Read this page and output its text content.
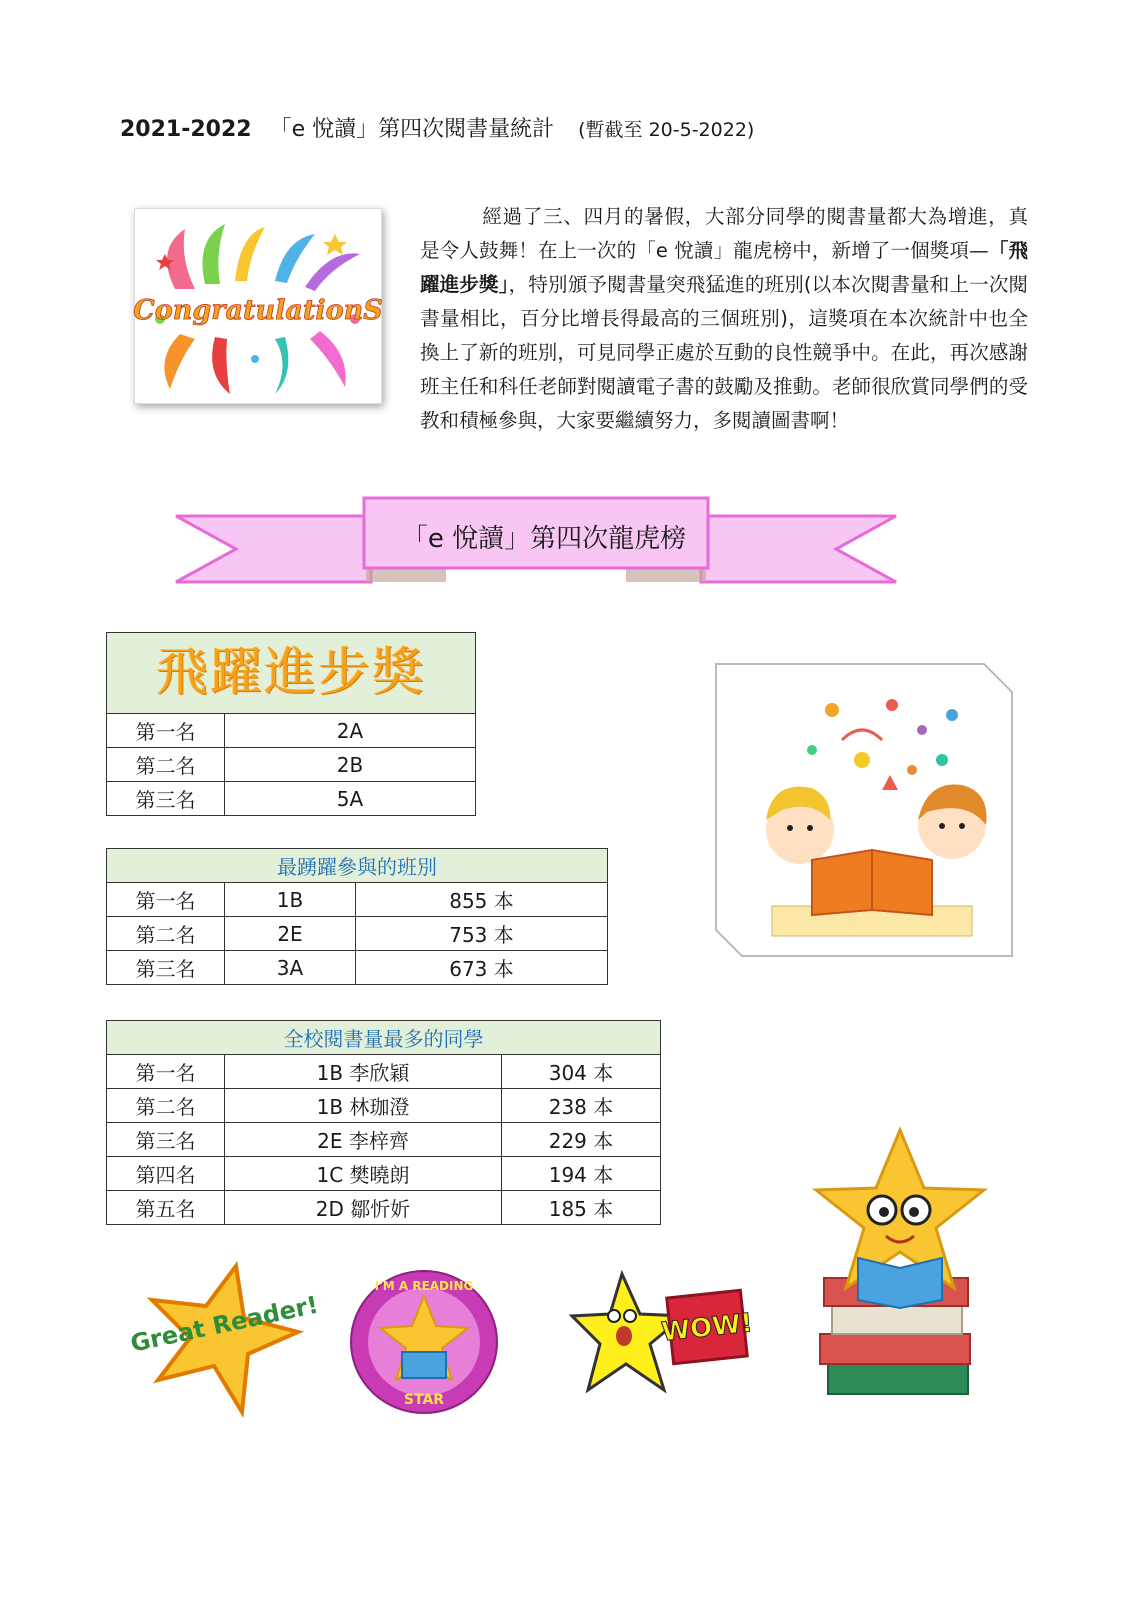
2021-2022 「e 悅讀」第四次閱書量統計 (暫截至 20-5-2022)

經過了三、四月的暑假，大部分同學的閱書量都大為增進，真是令人鼓舞！在上一次的「e 悅讀」龍虎榜中，新增了一個獎項—「飛躍進步獎」，特別頒予閱書量突飛猛進的班別(以本次閱書量和上一次閱書量相比，百分比增長得最高的三個班別)，這獎項在本次統計中也全換上了新的班別，可見同學正處於互動的良性競爭中。在此，再次感謝班主任和科任老師對閱讀電子書的鼓勵及推動。老師很欣賞同學們的受教和積極參與，大家要繼續努力，多閱讀圖書啊！

CongratulationS
「e 悅讀」第四次龍虎榜
飛躍進步獎	

第一名	2A
第二名	2B
第三名	5A
最踴躍參與的班別		
第一名	1B	855 本
第二名	2E	753 本
第三名	3A	673 本
全校閱書量最多的同學		
第一名	1B 李欣穎	304 本
第二名	1B 林珈澄	238 本
第三名	2E 李梓齊	229 本
第四名	1C 樊曉朗	194 本
第五名	2D 鄒忻妡	185 本
Great Reader!
I'M A READING
STAR
WOW!
